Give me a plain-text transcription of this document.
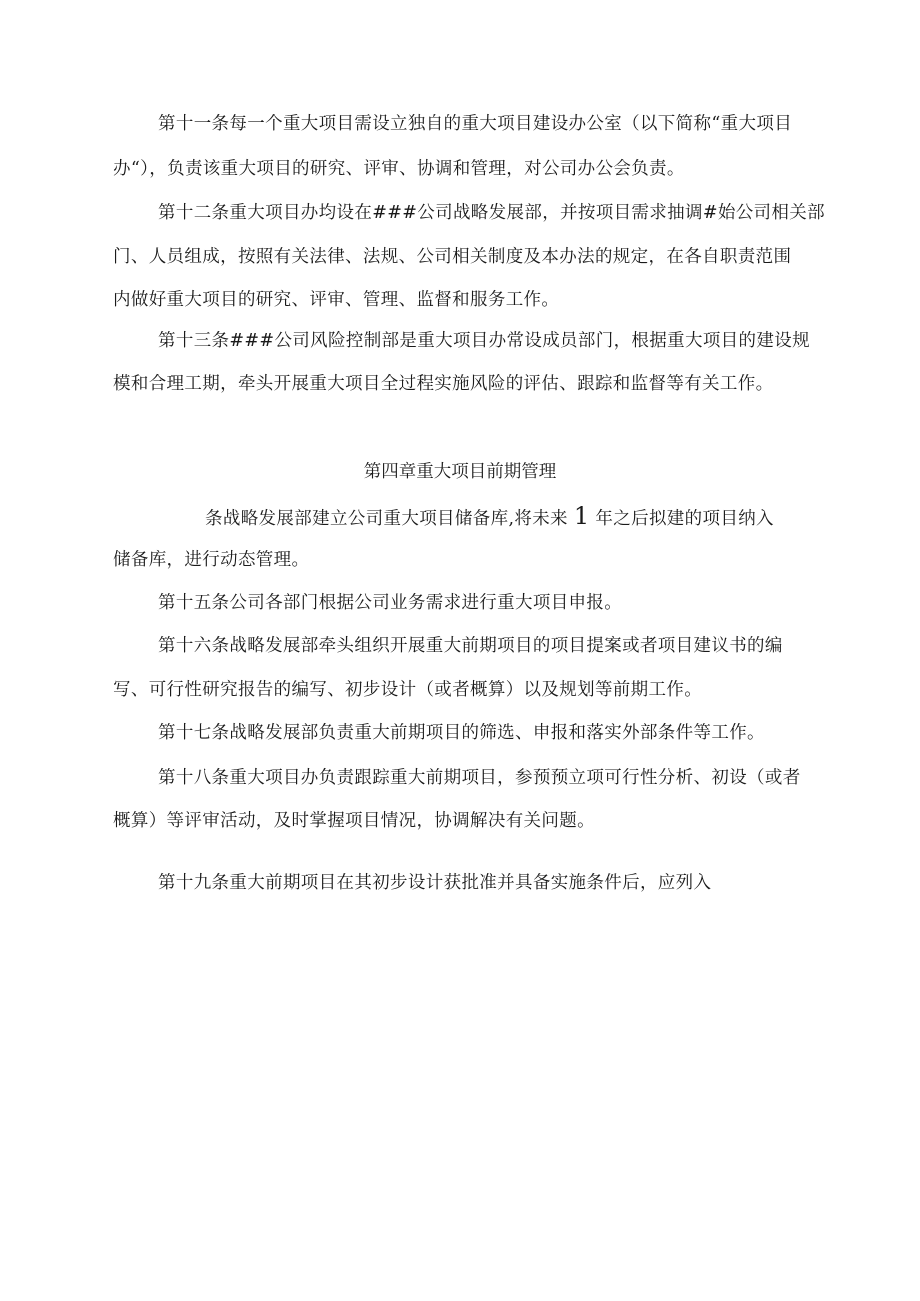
第十一条每一个重大项目需设立独自的重大项目建设办公室（以下简称“重大项目
办“），负责该重大项目的研究、评审、协调和管理，对公司办公会负责。
第十二条重大项目办均设在###公司战略发展部，并按项目需求抽调#始公司相关部
门、人员组成，按照有关法律、法规、公司相关制度及本办法的规定，在各自职责范围
内做好重大项目的研究、评审、管理、监督和服务工作。
第十三条###公司风险控制部是重大项目办常设成员部门，根据重大项目的建设规
模和合理工期，牵头开展重大项目全过程实施风险的评估、跟踪和监督等有关工作。
第四章重大项目前期管理
条战略发展部建立公司重大项目储备库,将未来 1 年之后拟建的项目纳入
储备库，进行动态管理。
第十五条公司各部门根据公司业务需求进行重大项目申报。
第十六条战略发展部牵头组织开展重大前期项目的项目提案或者项目建议书的编
写、可行性研究报告的编写、初步设计（或者概算）以及规划等前期工作。
第十七条战略发展部负责重大前期项目的筛选、申报和落实外部条件等工作。
第十八条重大项目办负责跟踪重大前期项目，参预预立项可行性分析、初设（或者
概算）等评审活动，及时掌握项目情况，协调解决有关问题。
第十九条重大前期项目在其初步设计获批准并具备实施条件后，应列入
